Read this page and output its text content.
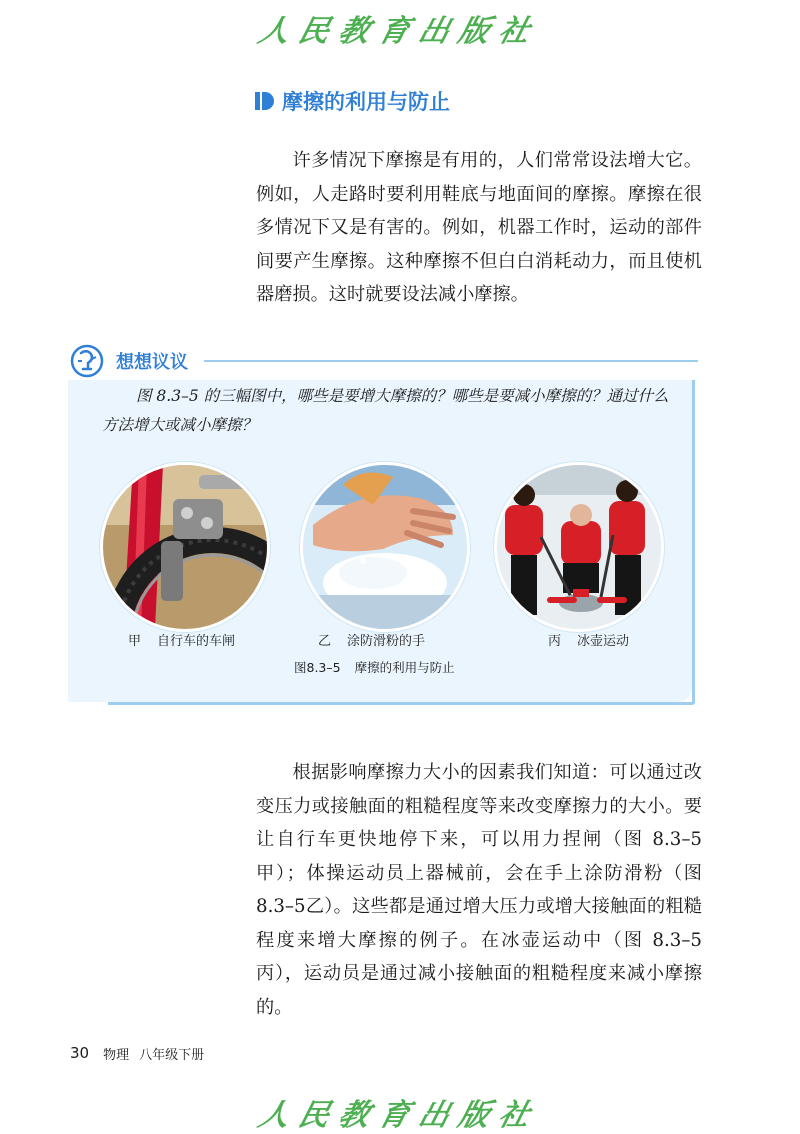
人民教育出版社
摩擦的利用与防止

许多情况下摩擦是有用的，人们常常设法增大它。例如，人走路时要利用鞋底与地面间的摩擦。摩擦在很多情况下又是有害的。例如，机器工作时，运动的部件间要产生摩擦。这种摩擦不但白白消耗动力，而且使机器磨损。这时就要设法减小摩擦。

想想议议

图 8.3–5 的三幅图中，哪些是要增大摩擦的？哪些是要减小摩擦的？通过什么方法增大或减小摩擦？

甲 自行车的车闸	乙 涂防滑粉的手	丙 冰壶运动
图8.3–5 摩擦的利用与防止

根据影响摩擦力大小的因素我们知道：可以通过改变压力或接触面的粗糙程度等来改变摩擦力的大小。要让自行车更快地停下来，可以用力捏闸（图 8.3–5 甲）；体操运动员上器械前，会在手上涂防滑粉（图 8.3–5乙）。这些都是通过增大压力或增大接触面的粗糙程度来增大摩擦的例子。在冰壶运动中（图 8.3–5 丙），运动员是通过减小接触面的粗糙程度来减小摩擦的。

30 物理 八年级下册
人民教育出版社
